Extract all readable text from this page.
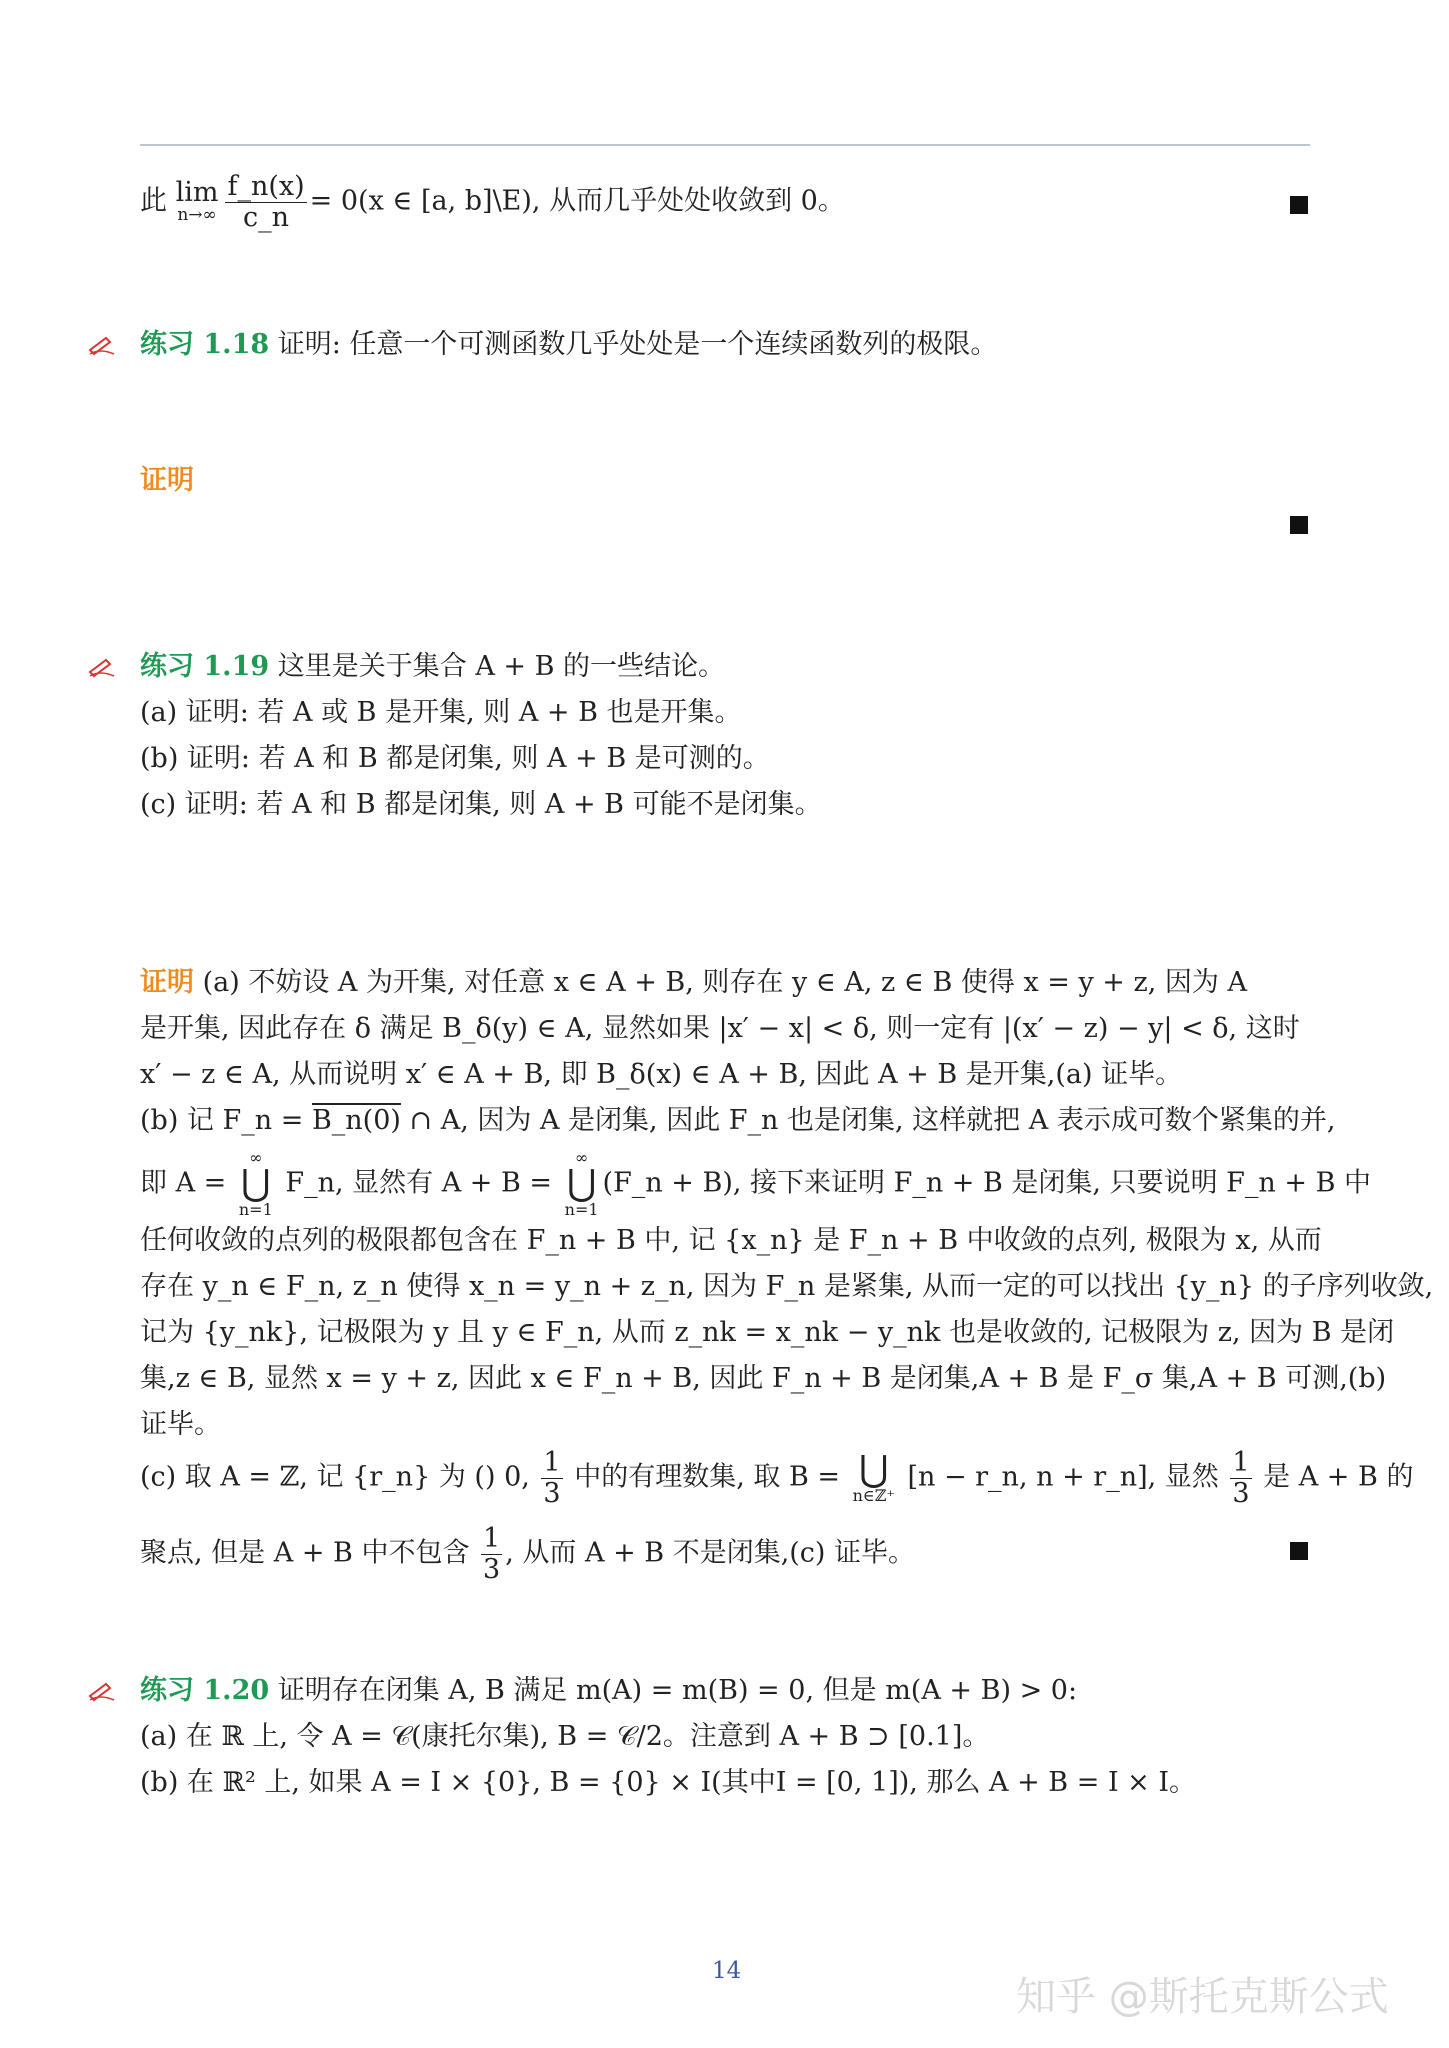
此 lim
$n\to\infty \frac{f\_n(x)}{c\_n} = 0(x$ ∈ [a, b]\E), 从而几乎处处收敛到 0。
练习 1.18 证明: 任意一个可测函数几乎处处是一个连续函数列的极限。
证明
练习 1.19 这里是关于集合 A + B 的一些结论。
(a) 证明: 若 A 或 B 是开集, 则 A + B 也是开集。
(b) 证明: 若 A 和 B 都是闭集, 则 A + B 是可测的。
(c) 证明: 若 A 和 B 都是闭集, 则 A + B 可能不是闭集。
证明 (a) 不妨设 A 为开集, 对任意 x ∈ A + B, 则存在 y ∈ A, z ∈ B 使得 x = y + z, 因为 A
是开集, 因此存在 δ 满足 B_δ(y) ∈ A, 显然如果 |x′ − x| < δ, 则一定有 |(x′ − z) − y| < δ, 这时
x′ − z ∈ A, 从而说明 x′ ∈ A + B, 即 B_δ(x) ∈ A + B, 因此 A + B 是开集,(a) 证毕。
(b) 记 F_n = B_n(0) ∩ A, 因为 A 是闭集, 因此 F_n 也是闭集, 这样就把 A 表示成可数个紧集的并,
即 A =
∞
⋃
n=1
F_n, 显然有 A + B =
∞
⋃
n=1
(F_n + B), 接下来证明 F_n + B 是闭集, 只要说明 F_n + B 中
任何收敛的点列的极限都包含在 F_n + B 中, 记 {x_n} 是 F_n + B 中收敛的点列, 极限为 x, 从而
存在 y_n ∈ F_n, z_n 使得 x_n = y_n + z_n, 因为 F_n 是紧集, 从而一定的可以找出 {y_n} 的子序列收敛,
记为 {y_nk}, 记极限为 y 且 y ∈ F_n, 从而 z_nk = x_nk − y_nk 也是收敛的, 记极限为 z, 因为 B 是闭
集,z ∈ B, 显然 x = y + z, 因此 x ∈ F_n + B, 因此 F_n + B 是闭集,A + B 是 F_σ 集,A + B 可测,(b)
证毕。
(c) 取 A = ℤ, 记 {r_n} 为 () 0, $\frac{1}{3}$ 中的有理数集, 取 B = ⋃
n∈ℤ⁺
[n − r_n, n + r_n], 显然 $\frac{1}{3}$ 是 A + B 的
聚点, 但是 A + B 中不包含 $\frac{1}{3}$ , 从而 A + B 不是闭集,(c) 证毕。
练习 1.20 证明存在闭集 A, B 满足 m(A) = m(B) = 0, 但是 m(A + B) > 0:
(a) 在 ℝ 上, 令 A = 𝒞(康托尔集), B = 𝒞/2。注意到 A + B ⊃ [0.1]。
(b) 在 ℝ² 上, 如果 A = I × {0}, B = {0} × I(其中I = [0, 1]), 那么 A + B = I × I。
14
知乎 @斯托克斯公式
